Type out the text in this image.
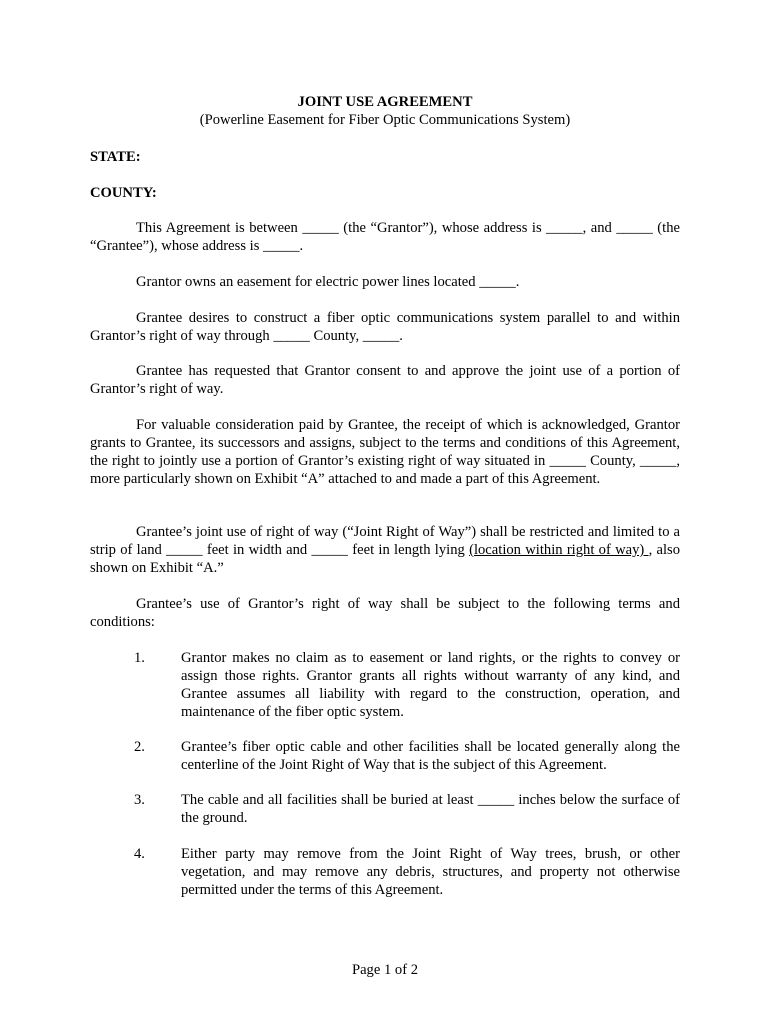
JOINT USE AGREEMENT
(Powerline Easement for Fiber Optic Communications System)
STATE:
COUNTY:
This Agreement is between _____ (the “Grantor”), whose address is _____, and _____ (the “Grantee”), whose address is _____.
Grantor owns an easement for electric power lines located _____.
Grantee desires to construct a fiber optic communications system parallel to and within Grantor’s right of way through _____ County, _____.
Grantee has requested that Grantor consent to and approve the joint use of a portion of Grantor’s right of way.
For valuable consideration paid by Grantee, the receipt of which is acknowledged, Grantor grants to Grantee, its successors and assigns, subject to the terms and conditions of this Agreement, the right to jointly use a portion of Grantor’s existing right of way situated in _____ County, _____, more particularly shown on Exhibit “A” attached to and made a part of this Agreement.
Grantee’s joint use of right of way (“Joint Right of Way”) shall be restricted and limited to a strip of land _____ feet in width and _____ feet in length lying (location within right of way) , also shown on Exhibit “A.”
Grantee’s use of Grantor’s right of way shall be subject to the following terms and conditions:
1. Grantor makes no claim as to easement or land rights, or the rights to convey or assign those rights. Grantor grants all rights without warranty of any kind, and Grantee assumes all liability with regard to the construction, operation, and maintenance of the fiber optic system.
2. Grantee’s fiber optic cable and other facilities shall be located generally along the centerline of the Joint Right of Way that is the subject of this Agreement.
3. The cable and all facilities shall be buried at least _____ inches below the surface of the ground.
4. Either party may remove from the Joint Right of Way trees, brush, or other vegetation, and may remove any debris, structures, and property not otherwise permitted under the terms of this Agreement.
Page 1 of 2
